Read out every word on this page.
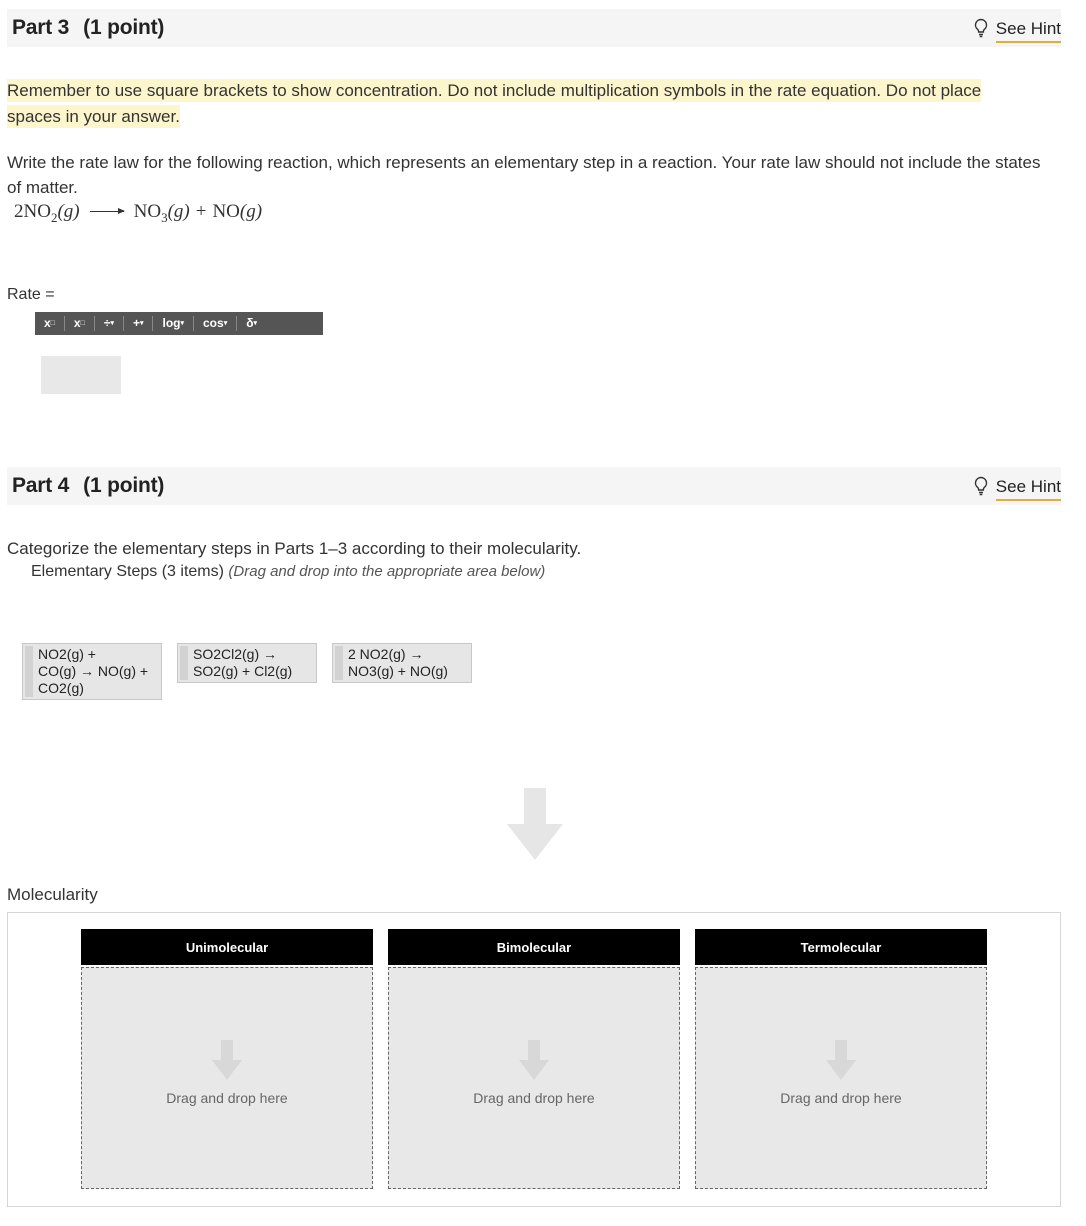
Part 3 (1 point)	See Hint
Remember to use square brackets to show concentration. Do not include multiplication symbols in the rate equation. Do not place spaces in your answer.
Write the rate law for the following reaction, which represents an elementary step in a reaction. Your rate law should not include the states of matter.
$2NO_2(g) \to NO_3(g) + NO(g)$
Rate =
x □ x □ ÷ ▾ + ▾ log ▾ cos ▾ δ ▾
Part 4 (1 point)	See Hint
Categorize the elementary steps in Parts 1–3 according to their molecularity.
Elementary Steps (3 items) (Drag and drop into the appropriate area below)
NO2(g) +
CO(g) → NO(g) +
CO2(g)
SO2Cl2(g) →
SO2(g) + Cl2(g)
2 NO2(g) →
NO3(g) + NO(g)
Molecularity
Unimolecular
Drag and drop here
Bimolecular
Drag and drop here
Termolecular
Drag and drop here
